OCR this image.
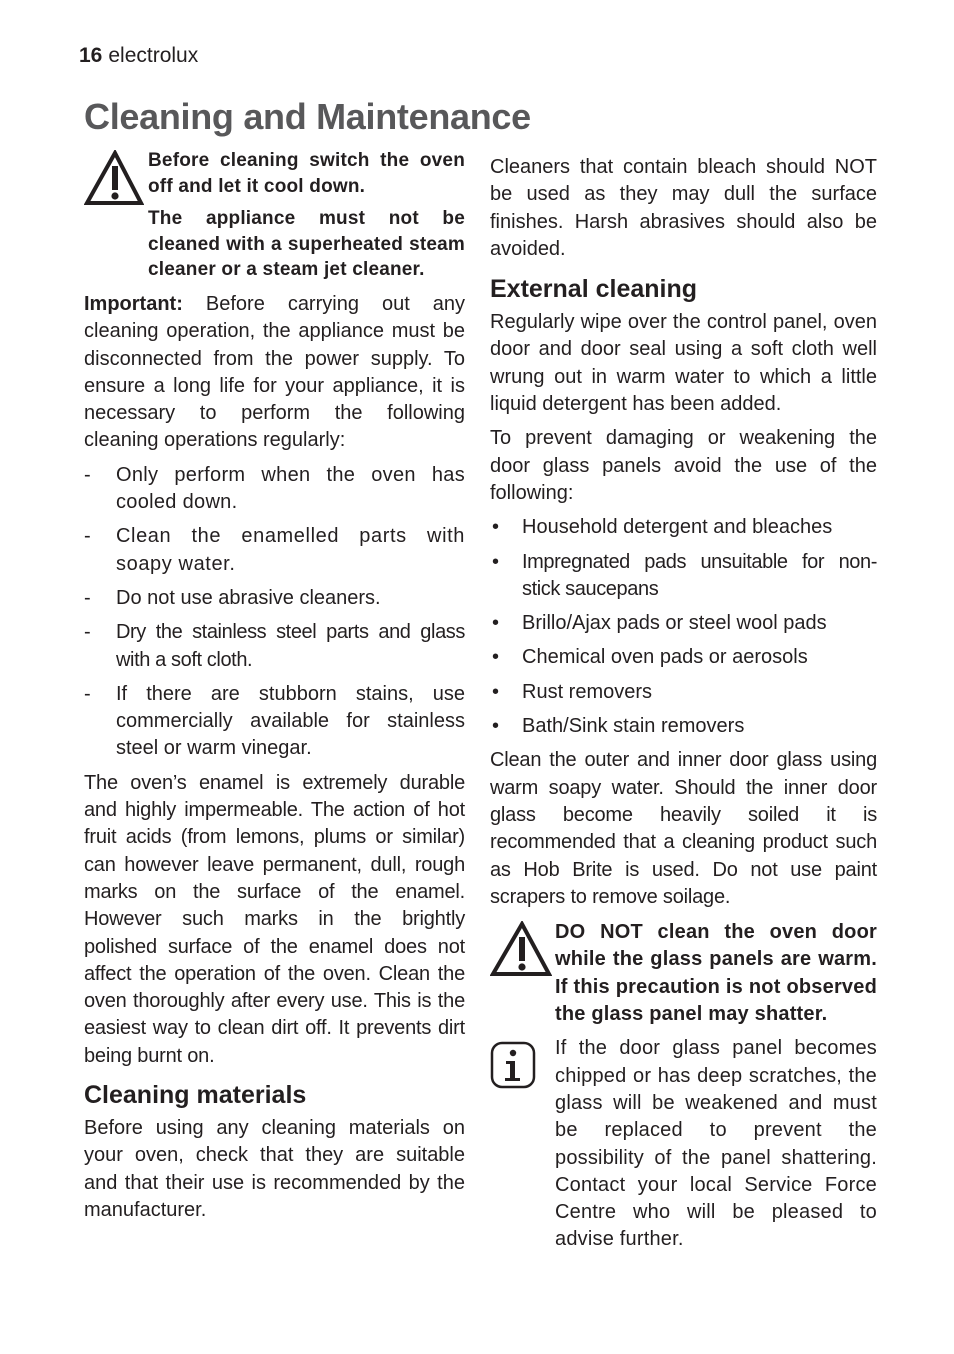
16 electrolux
Cleaning and Maintenance

Before cleaning switch the oven off and let it cool down.

The appliance must not be cleaned with a superheated steam cleaner or a steam jet cleaner.

Important: Before carrying out any cleaning operation, the appliance must be disconnected from the power supply. To ensure a long life for your appliance, it is necessary to perform the following cleaning operations regularly:

- Only perform when the oven has cooled down.
- Clean the enamelled parts with soapy water.
- Do not use abrasive cleaners.
- Dry the stainless steel parts and glass with a soft cloth.
- If there are stubborn stains, use commercially available for stainless steel or warm vinegar.

The oven’s enamel is extremely durable and highly impermeable. The action of hot fruit acids (from lemons, plums or similar) can however leave permanent, dull, rough marks on the surface of the enamel. However such marks in the brightly polished surface of the enamel does not affect the operation of the oven. Clean the oven thoroughly after every use. This is the easiest way to clean dirt off. It prevents dirt being burnt on.

Cleaning materials

Before using any cleaning materials on your oven, check that they are suitable and that their use is recommended by the manufacturer.

Cleaners that contain bleach should NOT be used as they may dull the surface finishes. Harsh abrasives should also be avoided.

External cleaning

Regularly wipe over the control panel, oven door and door seal using a soft cloth well wrung out in warm water to which a little liquid detergent has been added.

To prevent damaging or weakening the door glass panels avoid the use of the following:

• Household detergent and bleaches
• Impregnated pads unsuitable for non-stick saucepans
• Brillo/Ajax pads or steel wool pads
• Chemical oven pads or aerosols
• Rust removers
• Bath/Sink stain removers

Clean the outer and inner door glass using warm soapy water. Should the inner door glass become heavily soiled it is recommended that a cleaning product such as Hob Brite is used. Do not use paint scrapers to remove soilage.

DO NOT clean the oven door while the glass panels are warm. If this precaution is not observed the glass panel may shatter.

If the door glass panel becomes chipped or has deep scratches, the glass will be weakened and must be replaced to prevent the possibility of the panel shattering. Contact your local Service Force Centre who will be pleased to advise further.
